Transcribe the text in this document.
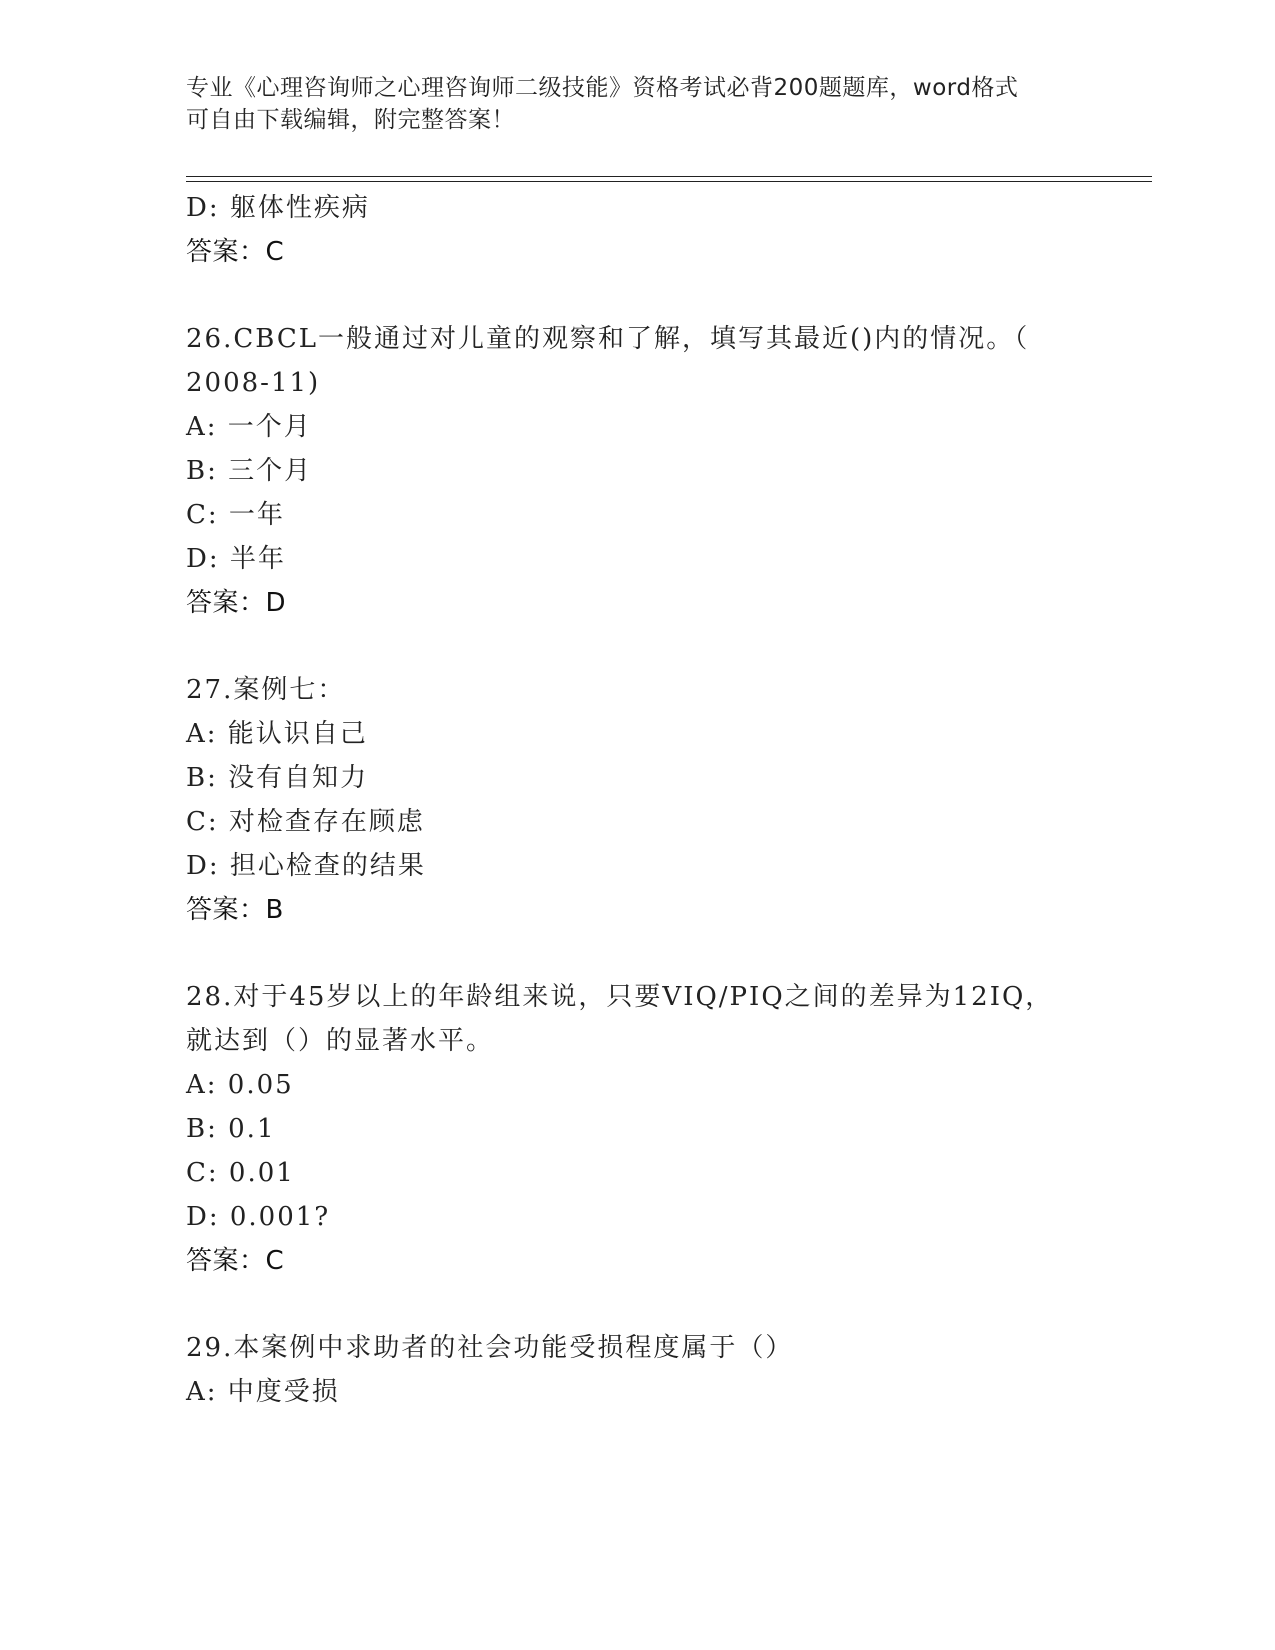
专业《心理咨询师之心理咨询师二级技能》资格考试必背200题题库，word格式
可自由下载编辑，附完整答案！
D: 躯体性疾病
答案：C
26.CBCL一般通过对儿童的观察和了解，填写其最近()内的情况。（
2008-11)
A: 一个月
B: 三个月
C: 一年
D: 半年
答案：D
27.案例七：
A: 能认识自己
B: 没有自知力
C: 对检查存在顾虑
D: 担心检查的结果
答案：B
28.对于45岁以上的年龄组来说，只要VIQ/PIQ之间的差异为12IQ，
就达到（）的显著水平。
A: 0.05
B: 0.1
C: 0.01
D: 0.001?
答案：C
29.本案例中求助者的社会功能受损程度属于（）
A: 中度受损
